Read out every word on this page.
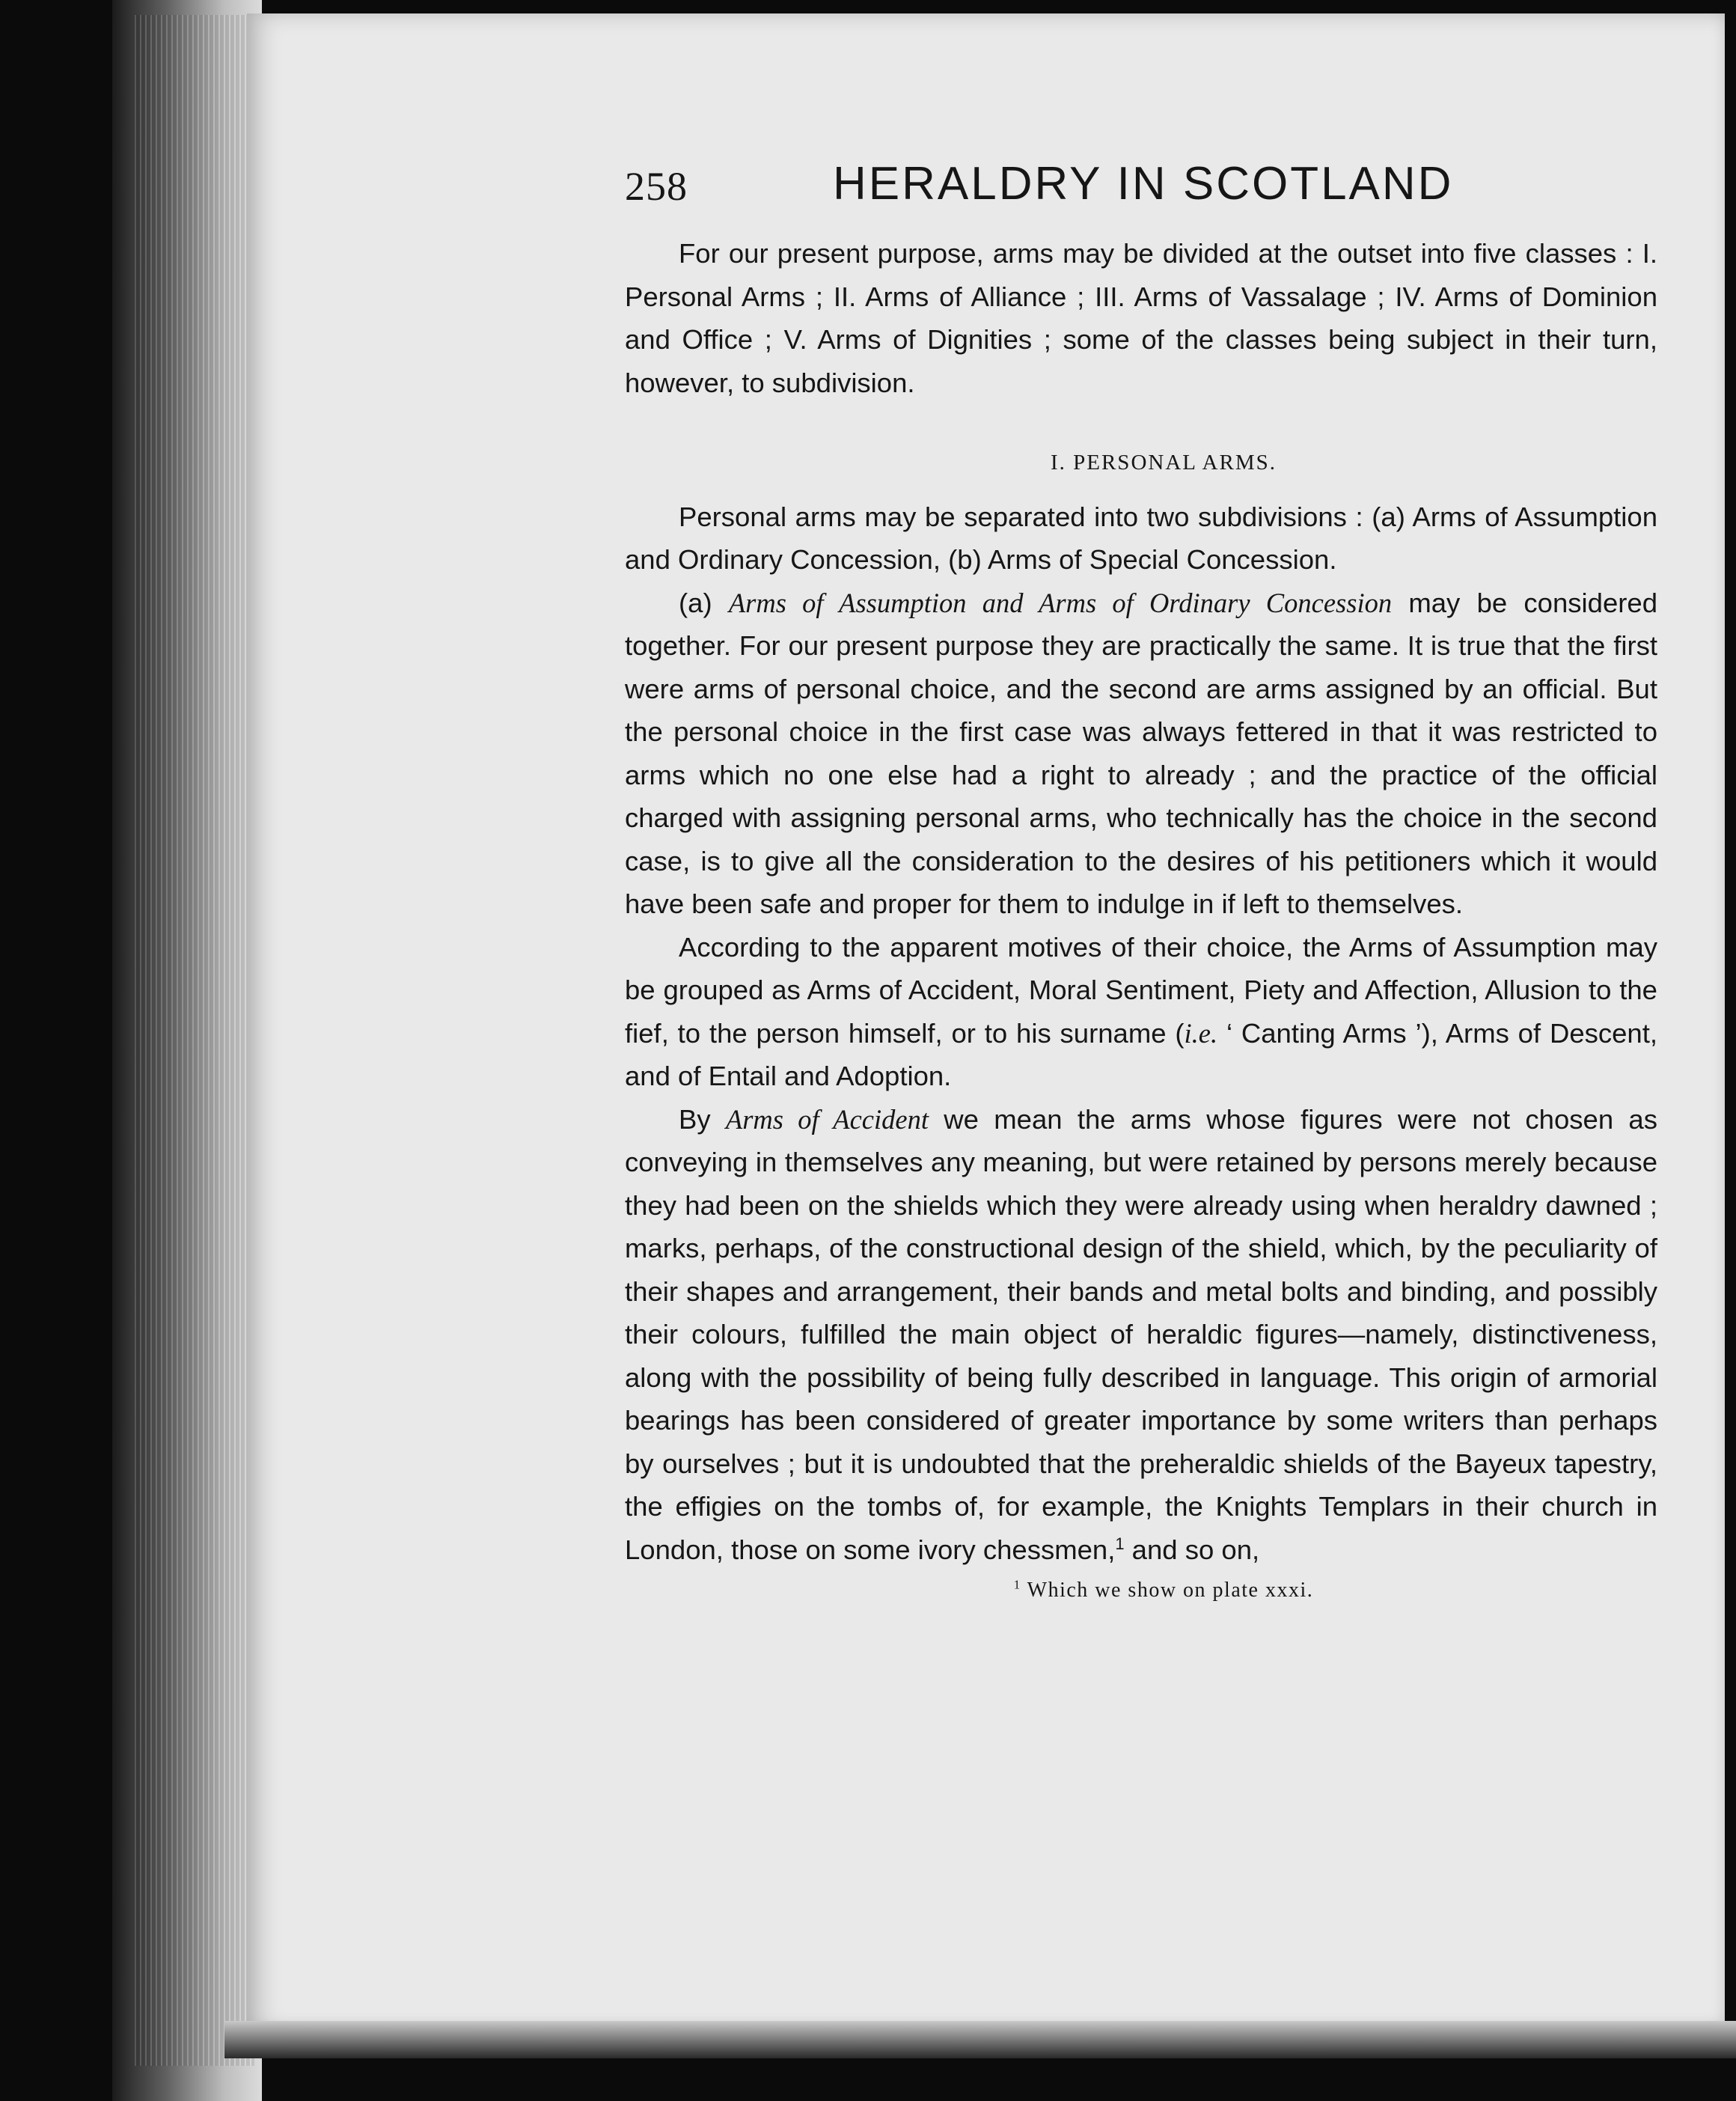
258	HERALDRY IN SCOTLAND

For our present purpose, arms may be divided at the outset into five classes : I. Personal Arms ; II. Arms of Alliance ; III. Arms of Vassalage ; IV. Arms of Dominion and Office ; V. Arms of Dignities ; some of the classes being subject in their turn, however, to subdivision.

I. PERSONAL ARMS.

Personal arms may be separated into two subdivisions : (a) Arms of Assumption and Ordinary Concession, (b) Arms of Special Concession.

(a) Arms of Assumption and Arms of Ordinary Concession may be considered together. For our present purpose they are practically the same. It is true that the first were arms of personal choice, and the second are arms assigned by an official. But the personal choice in the first case was always fettered in that it was restricted to arms which no one else had a right to already ; and the practice of the official charged with assigning personal arms, who technically has the choice in the second case, is to give all the consideration to the desires of his petitioners which it would have been safe and proper for them to indulge in if left to themselves.

According to the apparent motives of their choice, the Arms of Assumption may be grouped as Arms of Accident, Moral Sentiment, Piety and Affection, Allusion to the fief, to the person himself, or to his surname (i.e. ‘ Canting Arms ’), Arms of Descent, and of Entail and Adoption.

By Arms of Accident we mean the arms whose figures were not chosen as conveying in themselves any meaning, but were retained by persons merely because they had been on the shields which they were already using when heraldry dawned ; marks, perhaps, of the constructional design of the shield, which, by the peculiarity of their shapes and arrangement, their bands and metal bolts and binding, and possibly their colours, fulfilled the main object of heraldic figures—namely, distinctiveness, along with the possibility of being fully described in language. This origin of armorial bearings has been considered of greater importance by some writers than perhaps by ourselves ; but it is undoubted that the preheraldic shields of the Bayeux tapestry, the effigies on the tombs of, for example, the Knights Templars in their church in London, those on some ivory chessmen,$^1$ and so on,

$^1$ Which we show on plate xxxi.
